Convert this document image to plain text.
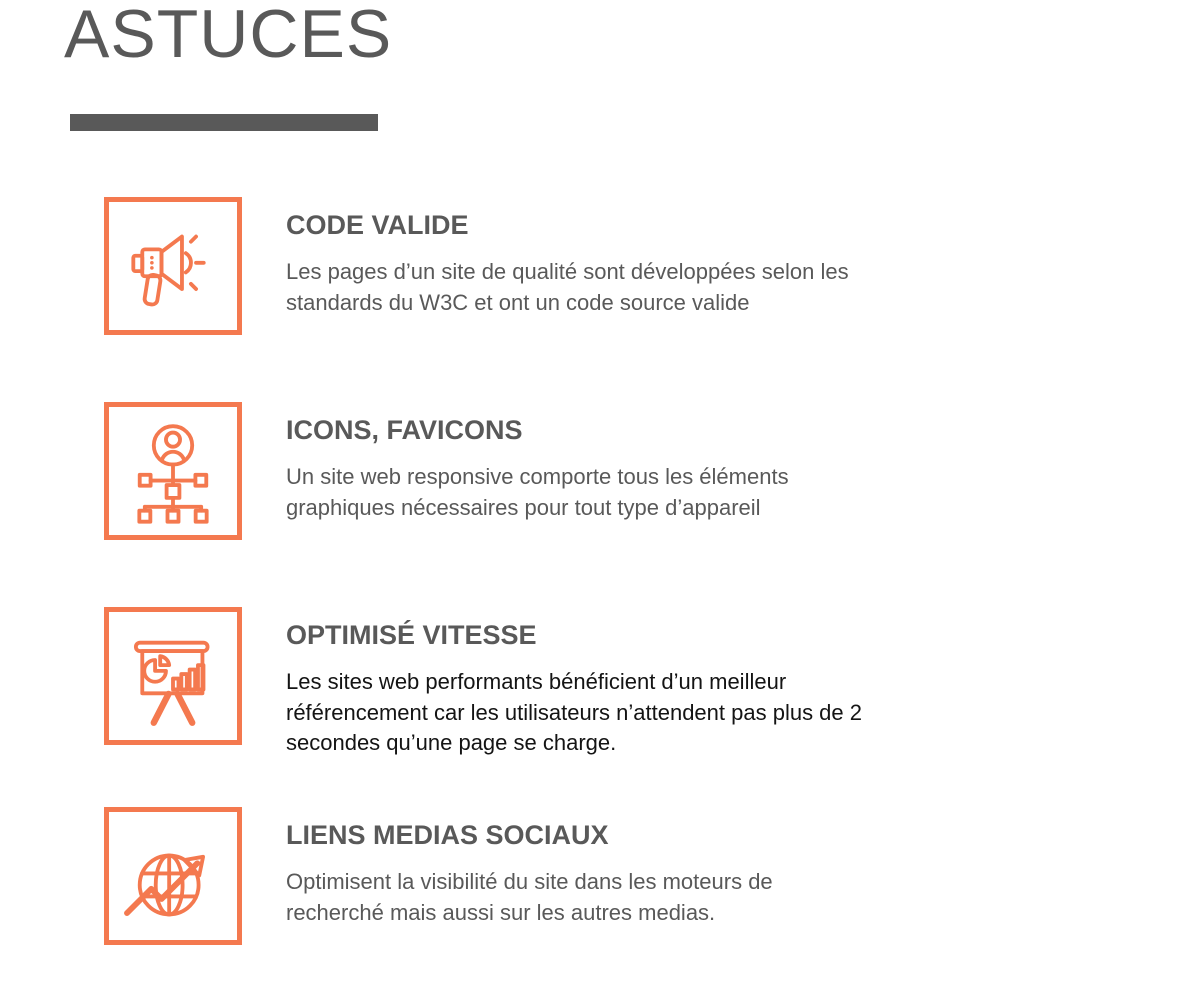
ASTUCES
CODE VALIDE

Les pages d’un site de qualité sont développées selon les standards du W3C et ont un code source valide

ICONS, FAVICONS

Un site web responsive comporte tous les éléments graphiques nécessaires pour tout type d’appareil

OPTIMISÉ VITESSE

Les sites web performants bénéficient d’un meilleur référencement car les utilisateurs n’attendent pas plus de 2 secondes qu’une page se charge.

LIENS MEDIAS SOCIAUX

Optimisent la visibilité du site dans les moteurs de recherché mais aussi sur les autres medias.
